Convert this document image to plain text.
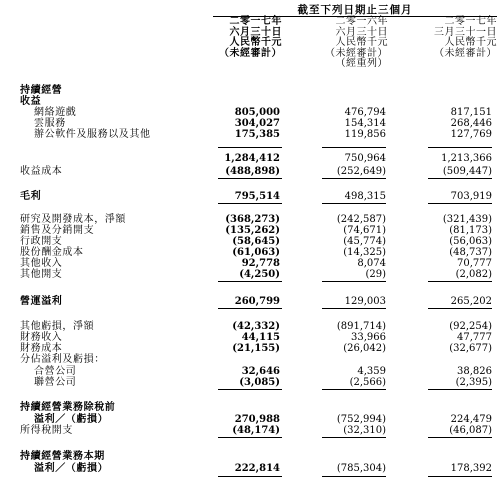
截至下列日期止三個月
二零一七年
六月三十日
人民幣千元
（未經審計）
二零一六年
六月三十日
人民幣千元
（未經審計）
（經重列）
二零一七年
三月三十一日
人民幣千元
（未經審計）
持續經營
收益
網絡遊戲	805,000	476,794	817,151
雲服務	304,027	154,314	268,446
辦公軟件及服務以及其他	175,385	119,856	127,769
1,284,412	750,964	1,213,366
收益成本	(488,898)	(252,649)	(509,447)
毛利	795,514	498,315	703,919
研究及開發成本，淨額	(368,273)	(242,587)	(321,439)
銷售及分銷開支	(135,262)	(74,671)	(81,173)
行政開支	(58,645)	(45,774)	(56,063)
股份酬金成本	(61,063)	(14,325)	(48,737)
其他收入	92,778	8,074	70,777
其他開支	(4,250)	(29)	(2,082)
營運溢利	260,799	129,003	265,202
其他虧損，淨額	(42,332)	(891,714)	(92,254)
財務收入	44,115	33,966	47,777
財務成本	(21,155)	(26,042)	(32,677)
分佔溢利及虧損：
合營公司	32,646	4,359	38,826
聯營公司	(3,085)	(2,566)	(2,395)
持續經營業務除稅前
溢利／（虧損）	270,988	(752,994)	224,479
所得稅開支	(48,174)	(32,310)	(46,087)
持續經營業務本期
溢利／（虧損）	222,814	(785,304)	178,392
